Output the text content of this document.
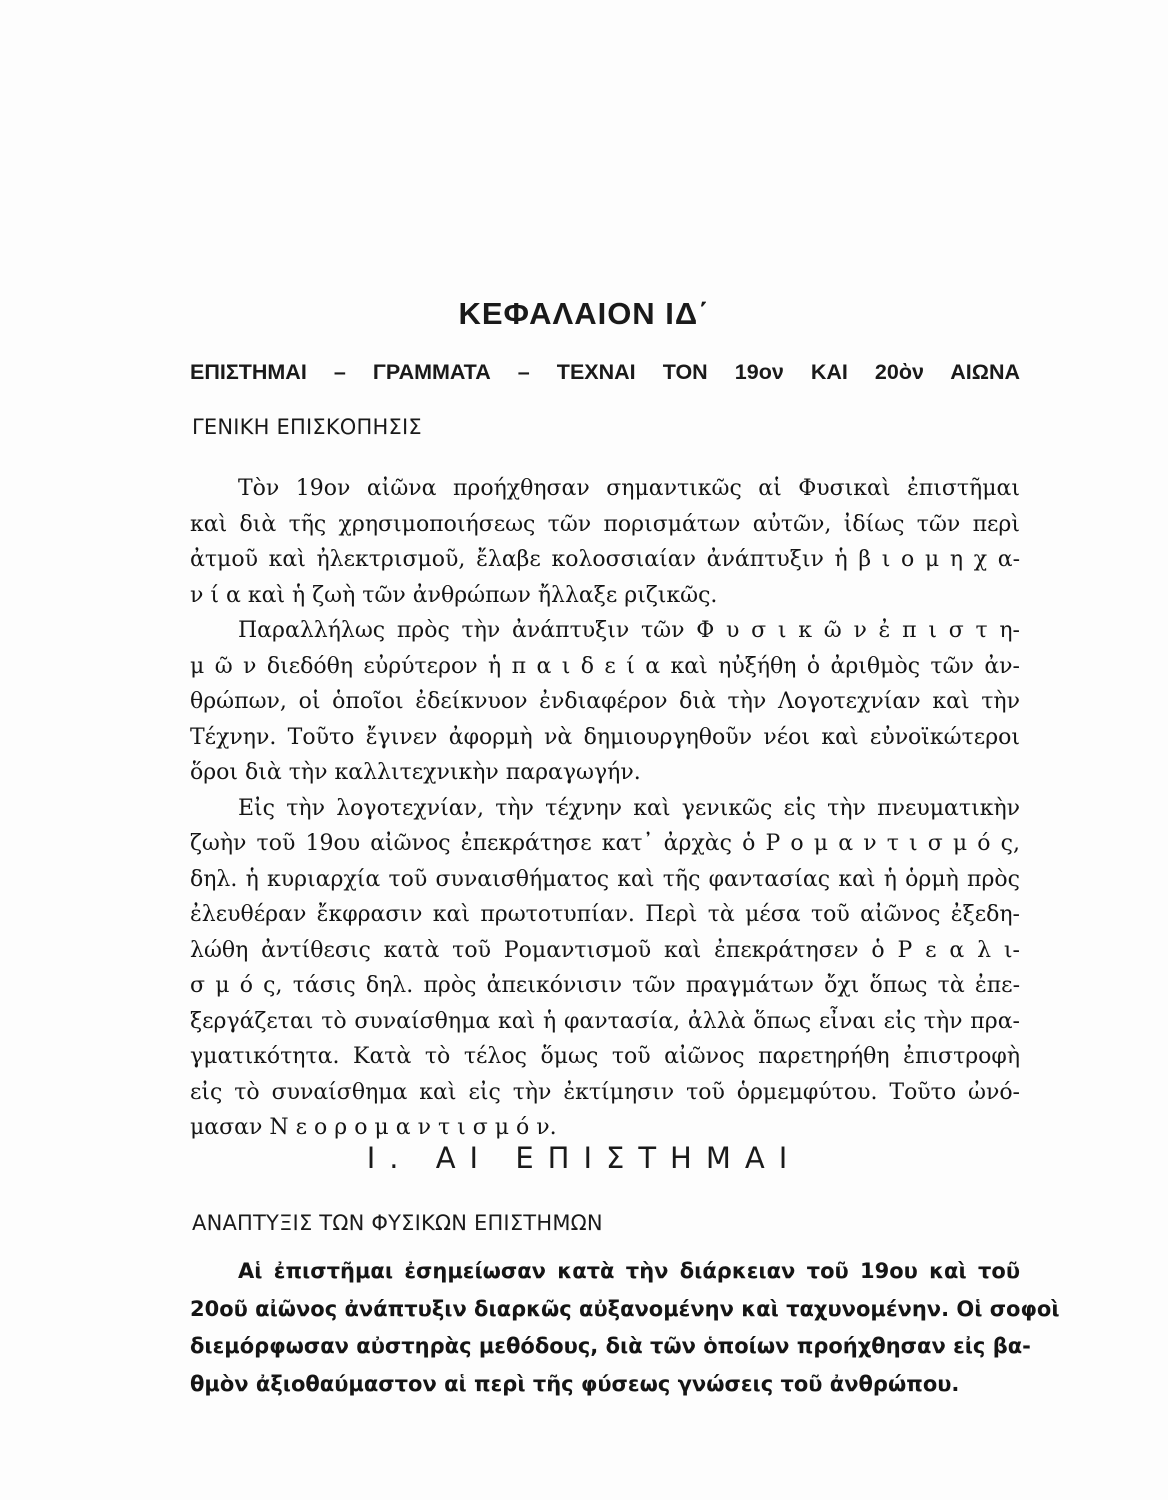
ΚΕΦΑΛΑΙΟΝ ΙΔ΄
ΕΠΙΣΤΗΜΑΙ – ΓΡΑΜΜΑΤΑ – ΤΕΧΝΑΙ ΤΟΝ 19ον ΚΑΙ 20ὸν ΑΙΩΝΑ
ΓΕΝΙΚΗ ΕΠΙΣΚΟΠΗΣΙΣ
Τὸν 19ον αἰῶνα προήχθησαν σημαντικῶς αἱ Φυσικαὶ ἐπιστῆμαι
καὶ διὰ τῆς χρησιμοποιήσεως τῶν πορισμάτων αὐτῶν, ἰδίως τῶν περὶ
ἀτμοῦ καὶ ἠλεκτρισμοῦ, ἔλαβε κολοσσιαίαν ἀνάπτυξιν ἡ β ι ο μ η χ α-
ν ί α καὶ ἡ ζωὴ τῶν ἀνθρώπων ἤλλαξε ριζικῶς.
Παραλλήλως πρὸς τὴν ἀνάπτυξιν τῶν Φ υ σ ι κ ῶ ν ἐ π ι σ τ η-
μ ῶ ν διεδόθη εὐρύτερον ἡ π α ι δ ε ί α καὶ ηὐξήθη ὁ ἀριθμὸς τῶν ἀν-
θρώπων, οἱ ὁποῖοι ἐδείκνυον ἐνδιαφέρον διὰ τὴν Λογοτεχνίαν καὶ τὴν
Τέχνην. Τοῦτο ἔγινεν ἀφορμὴ νὰ δημιουργηθοῦν νέοι καὶ εὐνοϊκώτεροι
ὅροι διὰ τὴν καλλιτεχνικὴν παραγωγήν.
Εἰς τὴν λογοτεχνίαν, τὴν τέχνην καὶ γενικῶς εἰς τὴν πνευματικὴν
ζωὴν τοῦ 19ου αἰῶνος ἐπεκράτησε κατ᾽ ἀρχὰς ὁ Ρ ο μ α ν τ ι σ μ ό ς,
δηλ. ἡ κυριαρχία τοῦ συναισθήματος καὶ τῆς φαντασίας καὶ ἡ ὁρμὴ πρὸς
ἐλευθέραν ἔκφρασιν καὶ πρωτοτυπίαν. Περὶ τὰ μέσα τοῦ αἰῶνος ἐξεδη-
λώθη ἀντίθεσις κατὰ τοῦ Ρομαντισμοῦ καὶ ἐπεκράτησεν ὁ Ρ ε α λ ι-
σ μ ό ς, τάσις δηλ. πρὸς ἀπεικόνισιν τῶν πραγμάτων ὄχι ὅπως τὰ ἐπε-
ξεργάζεται τὸ συναίσθημα καὶ ἡ φαντασία, ἀλλὰ ὅπως εἶναι εἰς τὴν πρα-
γματικότητα. Κατὰ τὸ τέλος ὅμως τοῦ αἰῶνος παρετηρήθη ἐπιστροφὴ
εἰς τὸ συναίσθημα καὶ εἰς τὴν ἐκτίμησιν τοῦ ὁρμεμφύτου. Τοῦτο ὠνό-
μασαν Ν ε ο ρ ο μ α ν τ ι σ μ ό ν.
Ι. ΑΙ ΕΠΙΣΤΗΜΑΙ
ΑΝΑΠΤΥΞΙΣ ΤΩΝ ΦΥΣΙΚΩΝ ΕΠΙΣΤΗΜΩΝ
Αἱ ἐπιστῆμαι ἐσημείωσαν κατὰ τὴν διάρκειαν τοῦ 19ου καὶ τοῦ
20οῦ αἰῶνος ἀνάπτυξιν διαρκῶς αὐξανομένην καὶ ταχυνομένην. Οἱ σοφοὶ
διεμόρφωσαν αὐστηρὰς μεθόδους, διὰ τῶν ὁποίων προήχθησαν εἰς βα-
θμὸν ἀξιοθαύμαστον αἱ περὶ τῆς φύσεως γνώσεις τοῦ ἀνθρώπου.
